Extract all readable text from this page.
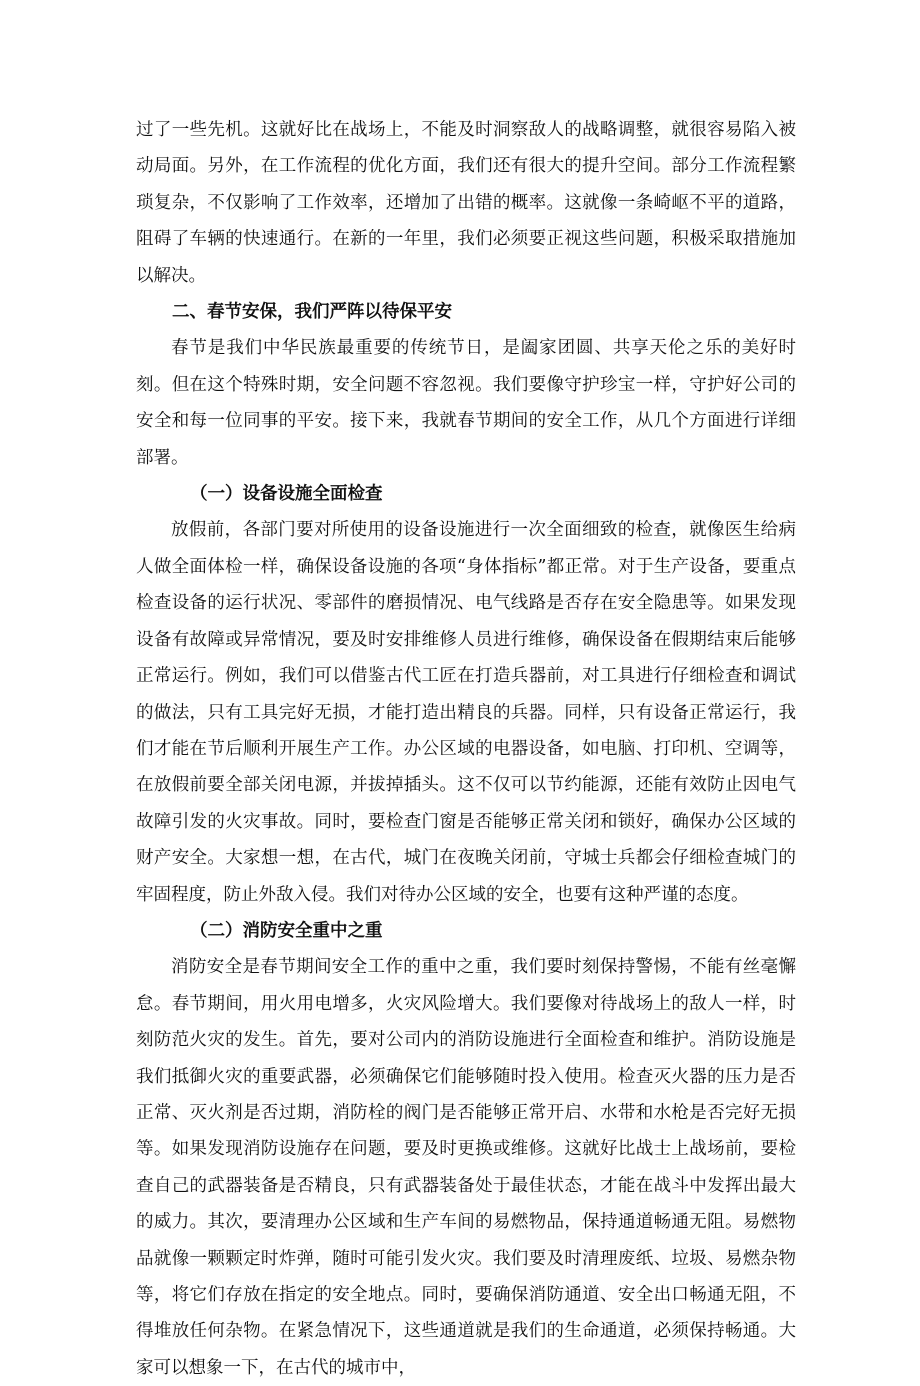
过了一些先机。这就好比在战场上，不能及时洞察敌人的战略调整，就很容易陷入被动局面。另外，在工作流程的优化方面，我们还有很大的提升空间。部分工作流程繁琐复杂，不仅影响了工作效率，还增加了出错的概率。这就像一条崎岖不平的道路，阻碍了车辆的快速通行。在新的一年里，我们必须要正视这些问题，积极采取措施加以解决。

二、春节安保，我们严阵以待保平安

春节是我们中华民族最重要的传统节日，是阖家团圆、共享天伦之乐的美好时刻。但在这个特殊时期，安全问题不容忽视。我们要像守护珍宝一样，守护好公司的安全和每一位同事的平安。接下来，我就春节期间的安全工作，从几个方面进行详细部署。

（一）设备设施全面检查

放假前，各部门要对所使用的设备设施进行一次全面细致的检查，就像医生给病人做全面体检一样，确保设备设施的各项“身体指标”都正常。对于生产设备，要重点检查设备的运行状况、零部件的磨损情况、电气线路是否存在安全隐患等。如果发现设备有故障或异常情况，要及时安排维修人员进行维修，确保设备在假期结束后能够正常运行。例如，我们可以借鉴古代工匠在打造兵器前，对工具进行仔细检查和调试的做法，只有工具完好无损，才能打造出精良的兵器。同样，只有设备正常运行，我们才能在节后顺利开展生产工作。办公区域的电器设备，如电脑、打印机、空调等，在放假前要全部关闭电源，并拔掉插头。这不仅可以节约能源，还能有效防止因电气故障引发的火灾事故。同时，要检查门窗是否能够正常关闭和锁好，确保办公区域的财产安全。大家想一想，在古代，城门在夜晚关闭前，守城士兵都会仔细检查城门的牢固程度，防止外敌入侵。我们对待办公区域的安全，也要有这种严谨的态度。

（二）消防安全重中之重

消防安全是春节期间安全工作的重中之重，我们要时刻保持警惕，不能有丝毫懈怠。春节期间，用火用电增多，火灾风险增大。我们要像对待战场上的敌人一样，时刻防范火灾的发生。首先，要对公司内的消防设施进行全面检查和维护。消防设施是我们抵御火灾的重要武器，必须确保它们能够随时投入使用。检查灭火器的压力是否正常、灭火剂是否过期，消防栓的阀门是否能够正常开启、水带和水枪是否完好无损等。如果发现消防设施存在问题，要及时更换或维修。这就好比战士上战场前，要检查自己的武器装备是否精良，只有武器装备处于最佳状态，才能在战斗中发挥出最大的威力。其次，要清理办公区域和生产车间的易燃物品，保持通道畅通无阻。易燃物品就像一颗颗定时炸弹，随时可能引发火灾。我们要及时清理废纸、垃圾、易燃杂物等，将它们存放在指定的安全地点。同时，要确保消防通道、安全出口畅通无阻，不得堆放任何杂物。在紧急情况下，这些通道就是我们的生命通道，必须保持畅通。大家可以想象一下，在古代的城市中，
